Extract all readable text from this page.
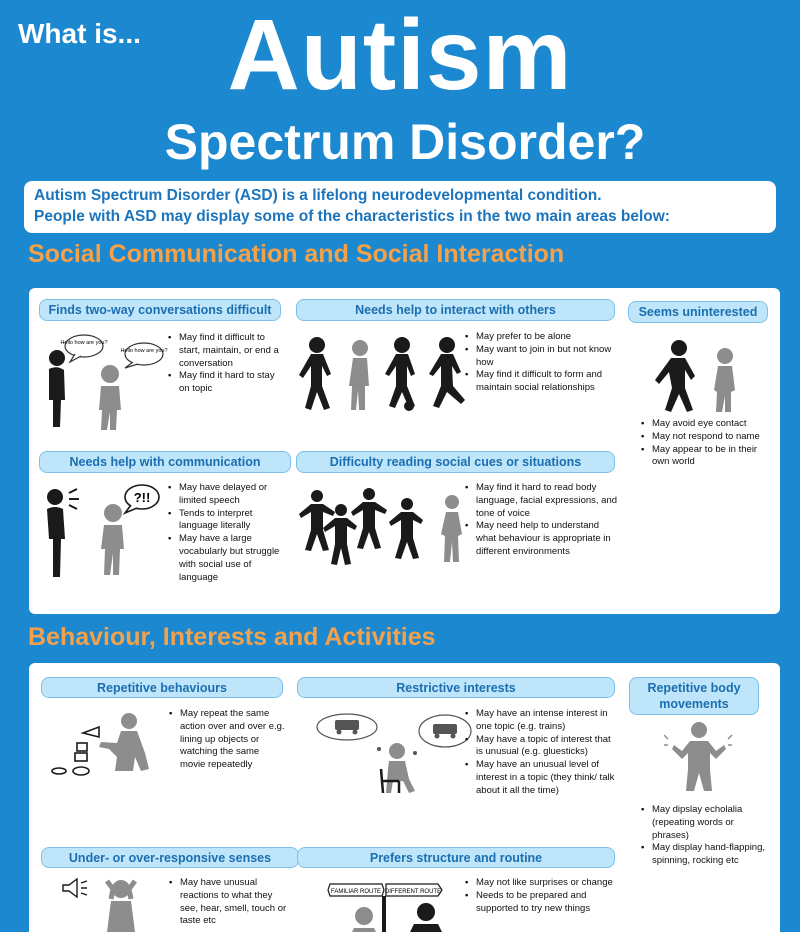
What is... Autism
Spectrum Disorder?

Autism Spectrum Disorder (ASD) is a lifelong neurodevelopmental condition.

People with ASD may display some of the characteristics in the two main areas below:

Social Communication and Social Interaction
Finds two-way conversations difficult
Hello how are you?
Hello how are you?
• May find it difficult to start, maintain, or end a conversation
• May find it hard to stay on topic
Needs help to interact with others
• May prefer to be alone
• May want to join in but not know how
• May find it difficult to form and maintain social relationships
Seems uninterested
• May avoid eye contact
• May not respond to name
• May appear to be in their own world
Needs help with communication
?!!
• May have delayed or limited speech
• Tends to interpret language literally
• May have a large vocabularly but struggle with social use of language
Difficulty reading social cues or situations
• May find it hard to read body language, facial expressions, and tone of voice
• May need help to understand what behaviour is appropriate in different environments
Behaviour, Interests and Activities
Repetitive behaviours
• May repeat the same action over and over e.g. lining up objects or watching the same movie repeatedly
Restrictive interests
• May have an intense interest in one topic (e.g. trains)
• May have a topic of interest that is unusual (e.g. gluesticks)
• May have an unusual level of interest in a topic (they think/ talk about it all the time)
Repetitive body movements
• May dipslay echolalia (repeating words or phrases)
• May display hand-flapping, spinning, rocking etc
Under- or over-responsive senses
• May have unusual reactions to what they see, hear, smell, touch or taste etc
Prefers structure and routine
FAMILIAR ROUTE DIFFERENT ROUTE
• May not like surprises or change
• Needs to be prepared and supported to try new things
